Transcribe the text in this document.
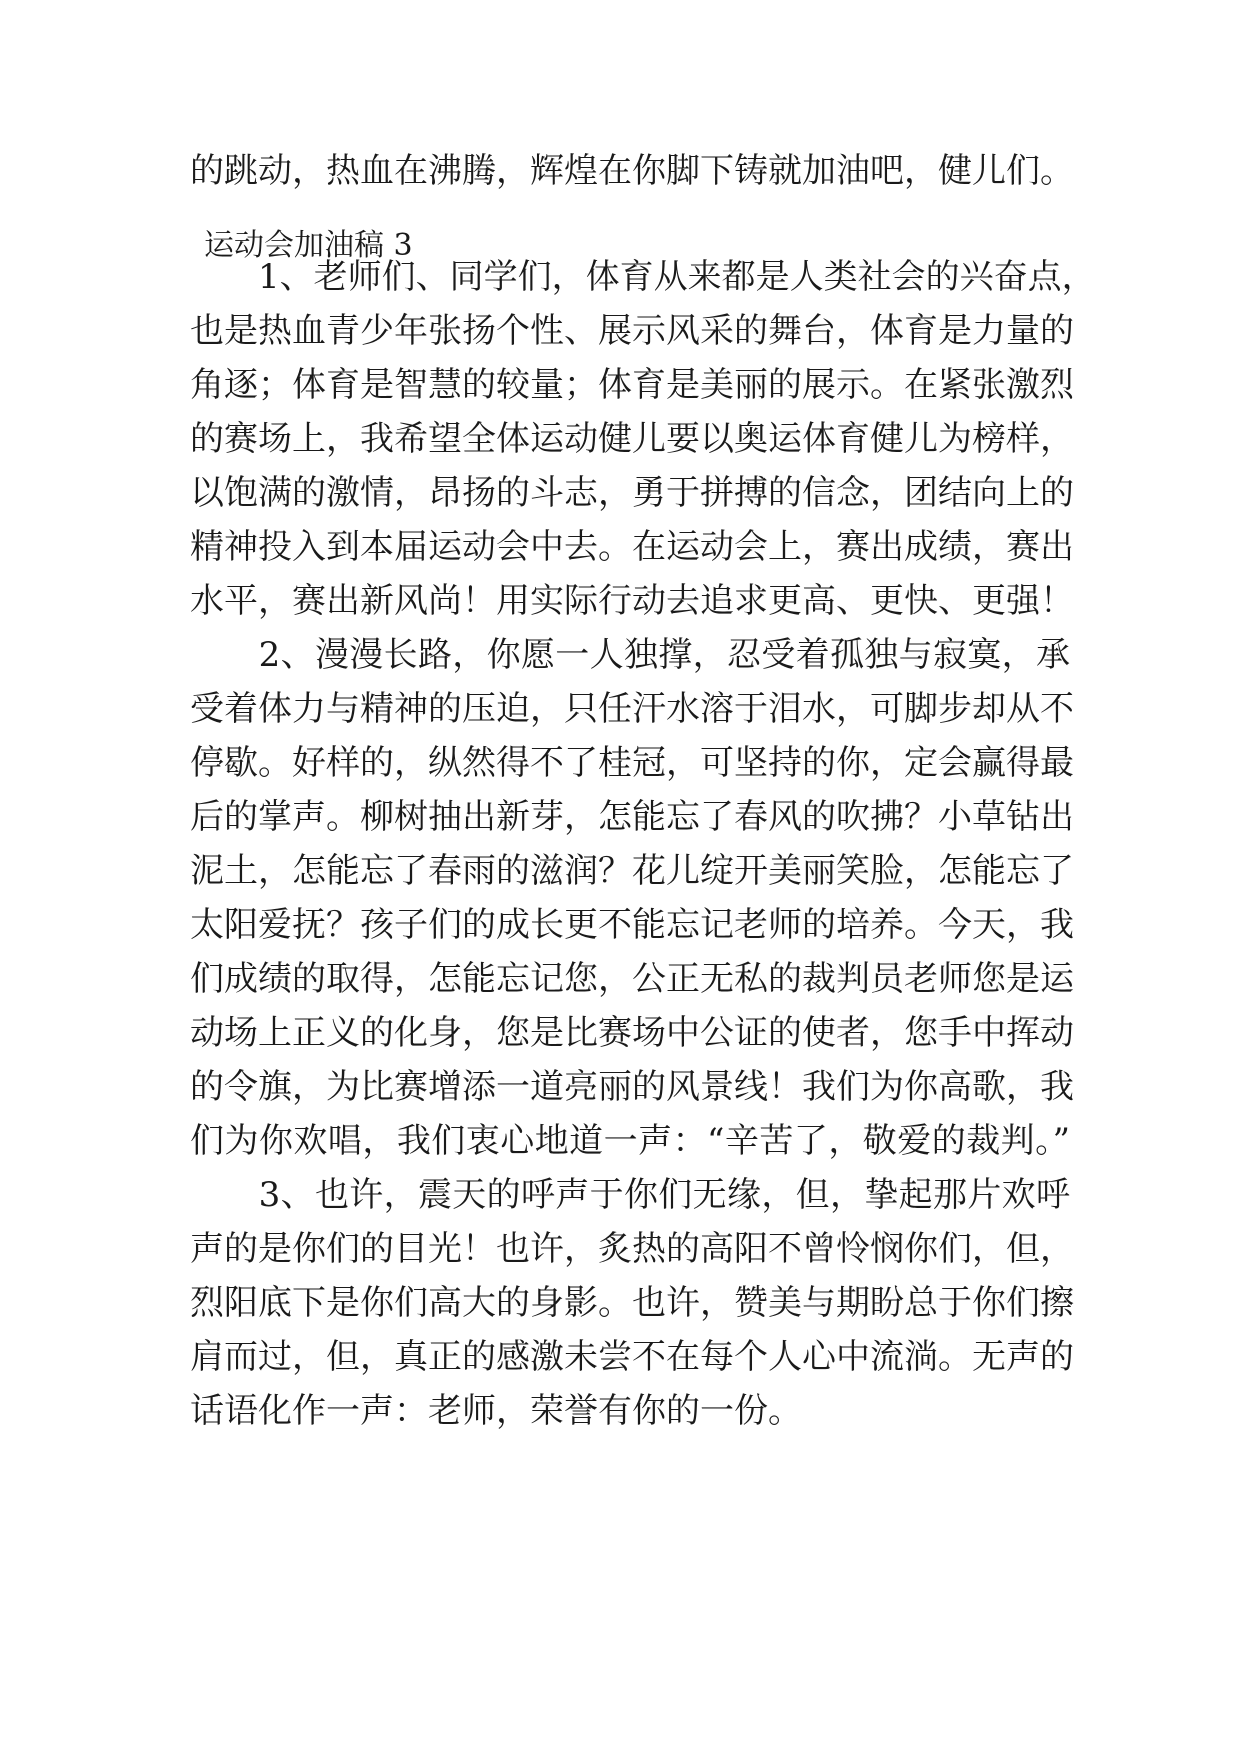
的跳动，热血在沸腾，辉煌在你脚下铸就加油吧，健儿们。
运动会加油稿 3
　　1、老师们、同学们，体育从来都是人类社会的兴奋点，
也是热血青少年张扬个性、展示风采的舞台，体育是力量的
角逐；体育是智慧的较量；体育是美丽的展示。在紧张激烈
的赛场上，我希望全体运动健儿要以奥运体育健儿为榜样，
以饱满的激情，昂扬的斗志，勇于拼搏的信念，团结向上的
精神投入到本届运动会中去。在运动会上，赛出成绩，赛出
水平，赛出新风尚！用实际行动去追求更高、更快、更强！
　　2、漫漫长路，你愿一人独撑，忍受着孤独与寂寞，承
受着体力与精神的压迫，只任汗水溶于泪水，可脚步却从不
停歇。好样的，纵然得不了桂冠，可坚持的你，定会赢得最
后的掌声。柳树抽出新芽，怎能忘了春风的吹拂？小草钻出
泥土，怎能忘了春雨的滋润？花儿绽开美丽笑脸，怎能忘了
太阳爱抚？孩子们的成长更不能忘记老师的培养。今天，我
们成绩的取得，怎能忘记您，公正无私的裁判员老师您是运
动场上正义的化身，您是比赛场中公证的使者，您手中挥动
的令旗，为比赛增添一道亮丽的风景线！我们为你高歌，我
们为你欢唱，我们衷心地道一声：“辛苦了，敬爱的裁判。”
　　3、也许，震天的呼声于你们无缘，但，挚起那片欢呼
声的是你们的目光！也许，炙热的高阳不曾怜悯你们，但，
烈阳底下是你们高大的身影。也许，赞美与期盼总于你们擦
肩而过，但，真正的感激未尝不在每个人心中流淌。无声的
话语化作一声：老师，荣誉有你的一份。
